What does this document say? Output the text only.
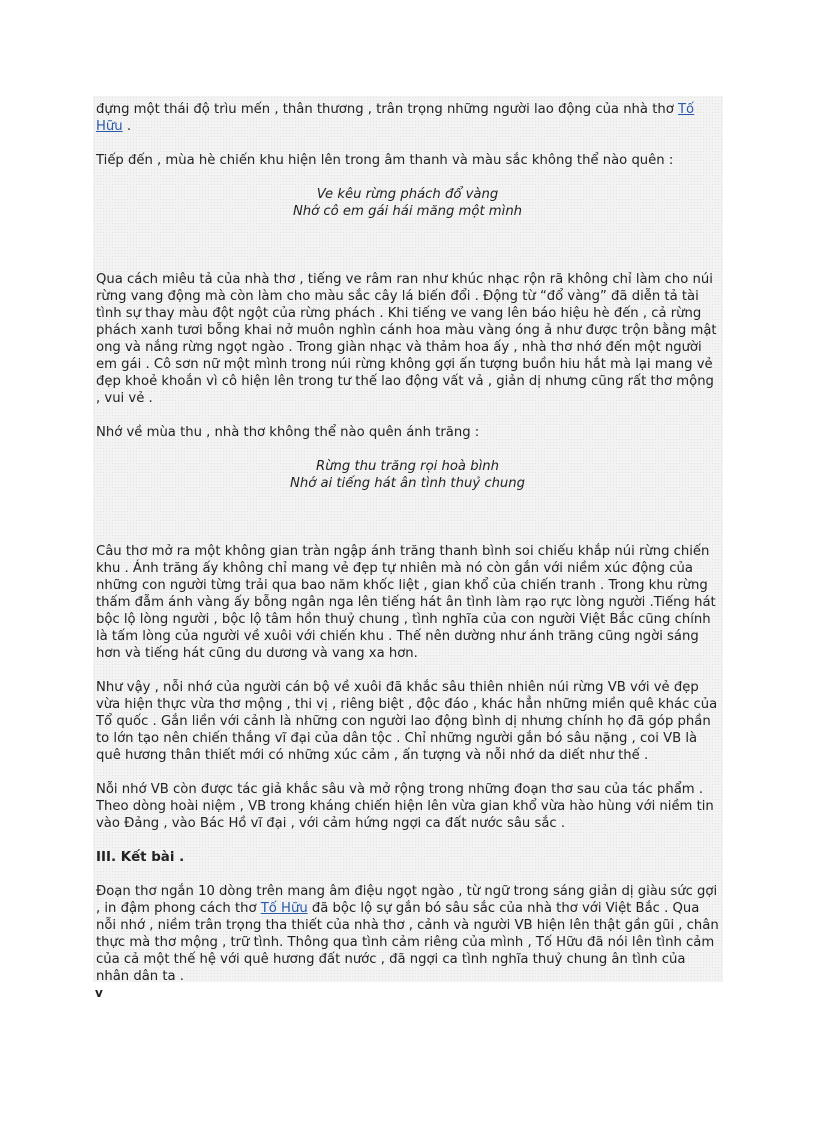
đựng một thái độ trìu mến , thân thương , trân trọng những người lao động của nhà thơ Tố Hữu .

Tiếp đến , mùa hè chiến khu hiện lên trong âm thanh và màu sắc không thể nào quên :

Ve kêu rừng phách đổ vàng
Nhớ cô em gái hái măng một mình

Qua cách miêu tả của nhà thơ , tiếng ve râm ran như khúc nhạc rộn rã không chỉ làm cho núi rừng vang động mà còn làm cho màu sắc cây lá biến đổi . Động từ “đổ vàng” đã diễn tả tài tình sự thay màu đột ngột của rừng phách . Khi tiếng ve vang lên báo hiệu hè đến , cả rừng phách xanh tươi bỗng khai nở muôn nghìn cánh hoa màu vàng óng ả như được trộn bằng mật ong và nắng rừng ngọt ngào . Trong giàn nhạc và thảm hoa ấy , nhà thơ nhớ đến một người em gái . Cô sơn nữ một mình trong núi rừng không gợi ấn tượng buồn hiu hắt mà lại mang vẻ đẹp khoẻ khoắn vì cô hiện lên trong tư thế lao động vất vả , giản dị nhưng cũng rất thơ mộng , vui vẻ .

Nhớ về mùa thu , nhà thơ không thể nào quên ánh trăng :

Rừng thu trăng rọi hoà bình
Nhớ ai tiếng hát ân tình thuỷ chung

Câu thơ mở ra một không gian tràn ngập ánh trăng thanh bình soi chiếu khắp núi rừng chiến khu . Ánh trăng ấy không chỉ mang vẻ đẹp tự nhiên mà nó còn gắn với niềm xúc động của những con người từng trải qua bao năm khốc liệt , gian khổ của chiến tranh . Trong khu rừng thấm đẫm ánh vàng ấy bỗng ngân nga lên tiếng hát ân tình làm rạo rực lòng người .Tiếng hát bộc lộ lòng người , bộc lộ tâm hồn thuỷ chung , tình nghĩa của con người Việt Bắc cũng chính là tấm lòng của người về xuôi với chiến khu . Thế nên dường như ánh trăng cũng ngời sáng hơn và tiếng hát cũng du dương và vang xa hơn.

Như vậy , nỗi nhớ của người cán bộ về xuôi đã khắc sâu thiên nhiên núi rừng VB với vẻ đẹp vừa hiện thực vừa thơ mộng , thi vị , riêng biệt , độc đáo , khác hẳn những miền quê khác của Tổ quốc . Gắn liền với cảnh là những con người lao động bình dị nhưng chính họ đã góp phần to lớn tạo nên chiến thắng vĩ đại của dân tộc . Chỉ những người gắn bó sâu nặng , coi VB là quê hương thân thiết mới có những xúc cảm , ấn tượng và nỗi nhớ da diết như thế .

Nỗi nhớ VB còn được tác giả khắc sâu và mở rộng trong những đoạn thơ sau của tác phẩm . Theo dòng hoài niệm , VB trong kháng chiến hiện lên vừa gian khổ vừa hào hùng với niềm tin vào Đảng , vào Bác Hồ vĩ đại , với cảm hứng ngợi ca đất nước sâu sắc .

III. Kết bài .

Đoạn thơ ngắn 10 dòng trên mang âm điệu ngọt ngào , từ ngữ trong sáng giản dị giàu sức gợi , in đậm phong cách thơ Tố Hữu đã bộc lộ sự gắn bó sâu sắc của nhà thơ với Việt Bắc . Qua nỗi nhớ , niềm trân trọng tha thiết của nhà thơ , cảnh và người VB hiện lên thật gần gũi , chân thực mà thơ mộng , trữ tình. Thông qua tình cảm riêng của mình , Tố Hữu đã nói lên tình cảm của cả một thế hệ với quê hương đất nước , đã ngợi ca tình nghĩa thuỷ chung ân tình của nhân dân ta .

v
